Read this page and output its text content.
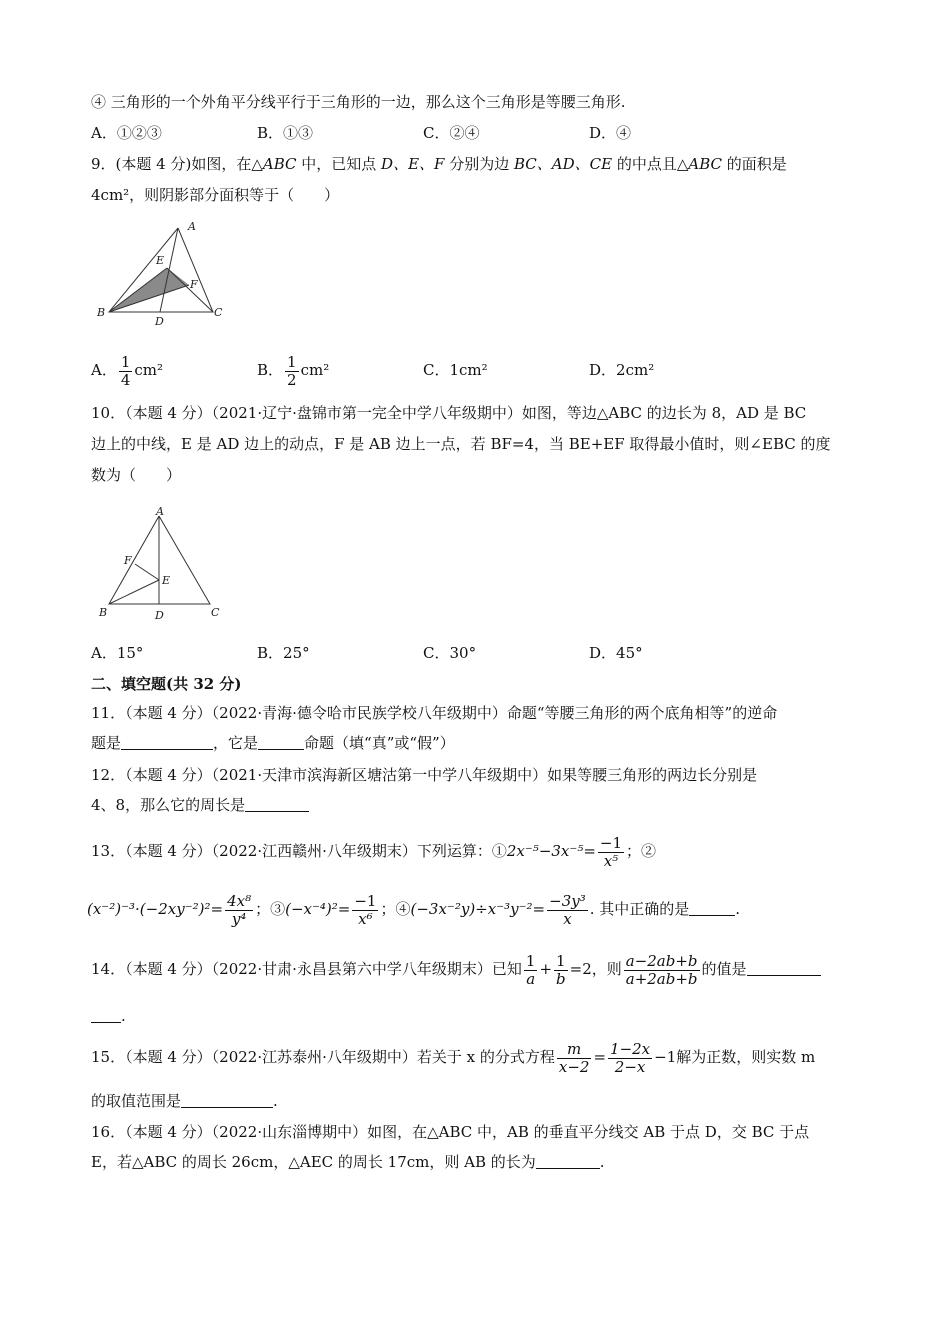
④ 三角形的一个外角平分线平行于三角形的一边，那么这个三角形是等腰三角形.
A．①②③	B．①③	C．②④	D．④
9．(本题 4 分)如图，在△ABC 中，已知点 D、E、F 分别为边 BC、AD、CE 的中点且△ABC 的面积是
4cm²，则阴影部分面积等于（　　）
A
B	C
D
E
F
A． $\frac{1}{4} cm^2$	B． $\frac{1}{2} cm^2$	C．1cm²	D．2cm²
10．（本题 4 分）（2021·辽宁·盘锦市第一完全中学八年级期中）如图，等边△ABC 的边长为 8，AD 是 BC
边上的中线，E 是 AD 边上的动点，F 是 AB 边上一点，若 BF=4，当 BE+EF 取得最小值时，则∠EBC 的度
数为（　　）
A
B	C
D
E
F
A．15°	B．25°	C．30°	D．45°
二、填空题(共 32 分)
11．（本题 4 分）（2022·青海·德令哈市民族学校八年级期中）命题“等腰三角形的两个底角相等”的逆命
题是	，它是	命题（填“真”或“假”）
12．（本题 4 分）（2021·天津市滨海新区塘沽第一中学八年级期中）如果等腰三角形的两边长分别是
4、8，那么它的周长是
13．（本题 4 分）（2022·江西赣州·八年级期末）下列运算：①2x⁻⁵−3x⁻⁵= $\frac{-1}{\text{x⁵}}$ ；②
$(x^{-2})^{-3}\cdot(-2xy^{-2})^2= \frac{\text{4x⁸}}{\text{y⁴}}$ ；③(−x⁻⁴)²= $\frac{-1}{\text{x⁶}}$ ；④(−3x⁻²y)÷x⁻³y⁻²= $\frac{\text{−3y³}}{x}$ . 其中正确的是	.
14．（本题 4 分）（2022·甘肃·永昌县第六中学八年级期末）已知 $\frac{1}{a} + \frac{1}{b} =2$，则 $\frac{a-2ab+b}{a+2ab+b}$ 的值是
.
15．（本题 4 分）（2022·江苏泰州·八年级期中）若关于 x 的分式方程 $\frac{m}{x-2} = \frac{1-2x}{2-x} -1$解为正数，则实数 m
的取值范围是	.
16．（本题 4 分）（2022·山东淄博期中）如图，在△ABC 中，AB 的垂直平分线交 AB 于点 D，交 BC 于点
E，若△ABC 的周长 26cm，△AEC 的周长 17cm，则 AB 的长为	.
